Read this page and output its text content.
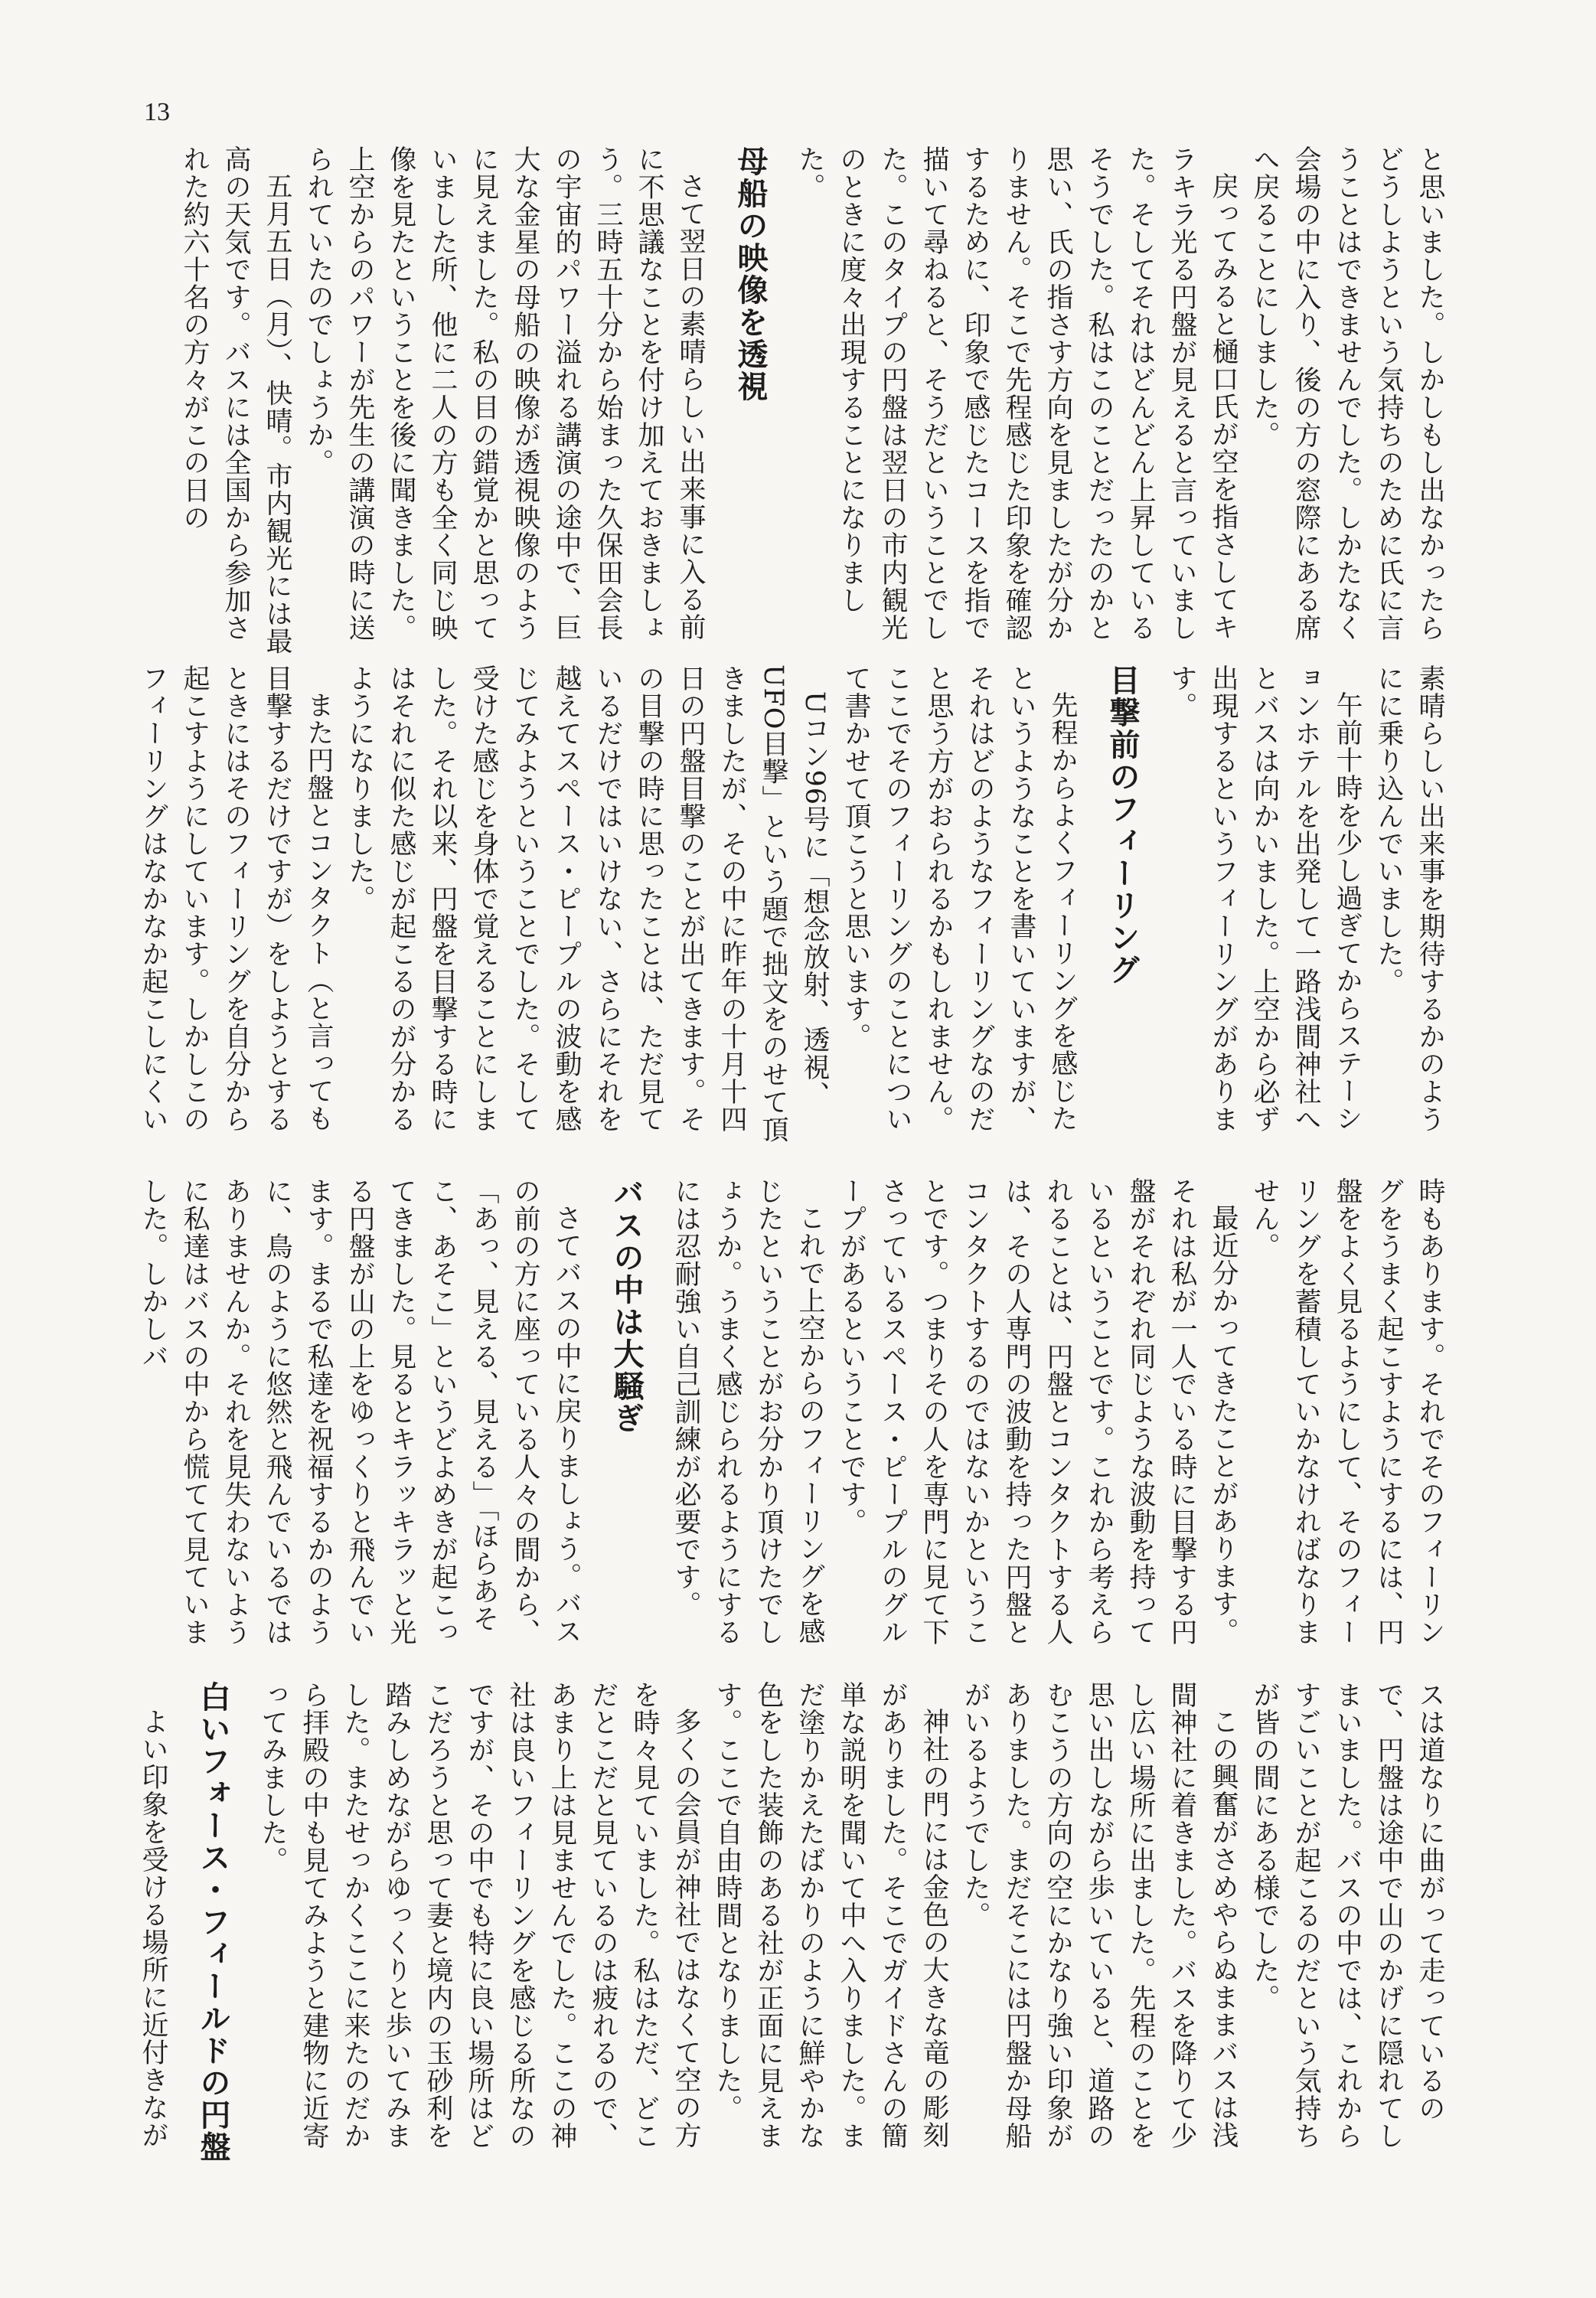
13

と思いました。しかしもし出なかったらどうしようという気持ちのために氏に言うことはできませんでした。しかたなく会場の中に入り、後の方の窓際にある席へ戻ることにしました。

戻ってみると樋口氏が空を指さしてキラキラ光る円盤が見えると言っていました。そしてそれはどんどん上昇しているそうでした。私はこのことだったのかと思い、氏の指さす方向を見ましたが分かりません。そこで先程感じた印象を確認するために、印象で感じたコースを指で描いて尋ねると、そうだということでした。このタイプの円盤は翌日の市内観光のときに度々出現することになりました。

母船の映像を透視

さて翌日の素晴らしい出来事に入る前に不思議なことを付け加えておきましょう。三時五十分から始まった久保田会長の宇宙的パワー溢れる講演の途中で、巨大な金星の母船の映像が透視映像のように見えました。私の目の錯覚かと思っていました所、他に二人の方も全く同じ映像を見たということを後に聞きました。上空からのパワーが先生の講演の時に送られていたのでしょうか。

五月五日（月）、快晴。市内観光には最高の天気です。バスには全国から参加された約六十名の方々がこの日の

素晴らしい出来事を期待するかのようにに乗り込んでいました。

午前十時を少し過ぎてからステーションホテルを出発して一路浅間神社へとバスは向かいました。上空から必ず出現するというフィーリングがあります。

目撃前のフィーリング

先程からよくフィーリングを感じたというようなことを書いていますが、それはどのようなフィーリングなのだと思う方がおられるかもしれません。ここでそのフィーリングのことについて書かせて頂こうと思います。

Uコン96号に「想念放射、透視、UFO目撃」という題で拙文をのせて頂きましたが、その中に昨年の十月十四日の円盤目撃のことが出てきます。その目撃の時に思ったことは、ただ見ているだけではいけない、さらにそれを越えてスペース・ピープルの波動を感じてみようということでした。そして受けた感じを身体で覚えることにしました。それ以来、円盤を目撃する時にはそれに似た感じが起こるのが分かるようになりました。

また円盤とコンタクト（と言っても目撃するだけですが）をしようとするときにはそのフィーリングを自分から起こすようにしています。しかしこのフィーリングはなかなか起こしにくい

時もあります。それでそのフィーリングをうまく起こすようにするには、円盤をよく見るようにして、そのフィーリングを蓄積していかなければなりません。

最近分かってきたことがあります。それは私が一人でいる時に目撃する円盤がそれぞれ同じような波動を持っているということです。これから考えられることは、円盤とコンタクトする人は、その人専門の波動を持った円盤とコンタクトするのではないかということです。つまりその人を専門に見て下さっているスペース・ピープルのグループがあるということです。

これで上空からのフィーリングを感じたということがお分かり頂けたでしょうか。うまく感じられるようにするには忍耐強い自己訓練が必要です。

バスの中は大騒ぎ

さてバスの中に戻りましょう。バスの前の方に座っている人々の間から、「あっ、見える、見える」「ほらあそこ、あそこ」というどよめきが起こってきました。見るとキラッキラッと光る円盤が山の上をゆっくりと飛んでいます。まるで私達を祝福するかのように、鳥のように悠然と飛んでいるではありませんか。それを見失わないように私達はバスの中から慌てて見ていました。しかしバ

スは道なりに曲がって走っているので、円盤は途中で山のかげに隠れてしまいました。バスの中では、これからすごいことが起こるのだという気持ちが皆の間にある様でした。

この興奮がさめやらぬままバスは浅間神社に着きました。バスを降りて少し広い場所に出ました。先程のことを思い出しながら歩いていると、道路のむこうの方向の空にかなり強い印象がありました。まだそこには円盤か母船がいるようでした。

神社の門には金色の大きな竜の彫刻がありました。そこでガイドさんの簡単な説明を聞いて中へ入りました。まだ塗りかえたばかりのように鮮やかな色をした装飾のある社が正面に見えます。ここで自由時間となりました。

多くの会員が神社ではなくて空の方を時々見ていました。私はただ、どこだとこだと見ているのは疲れるので、あまり上は見ませんでした。ここの神社は良いフィーリングを感じる所なのですが、その中でも特に良い場所はどこだろうと思って妻と境内の玉砂利を踏みしめながらゆっくりと歩いてみました。またせっかくここに来たのだから拝殿の中も見てみようと建物に近寄ってみました。

白いフォース・フィールドの円盤

よい印象を受ける場所に近付きなが
